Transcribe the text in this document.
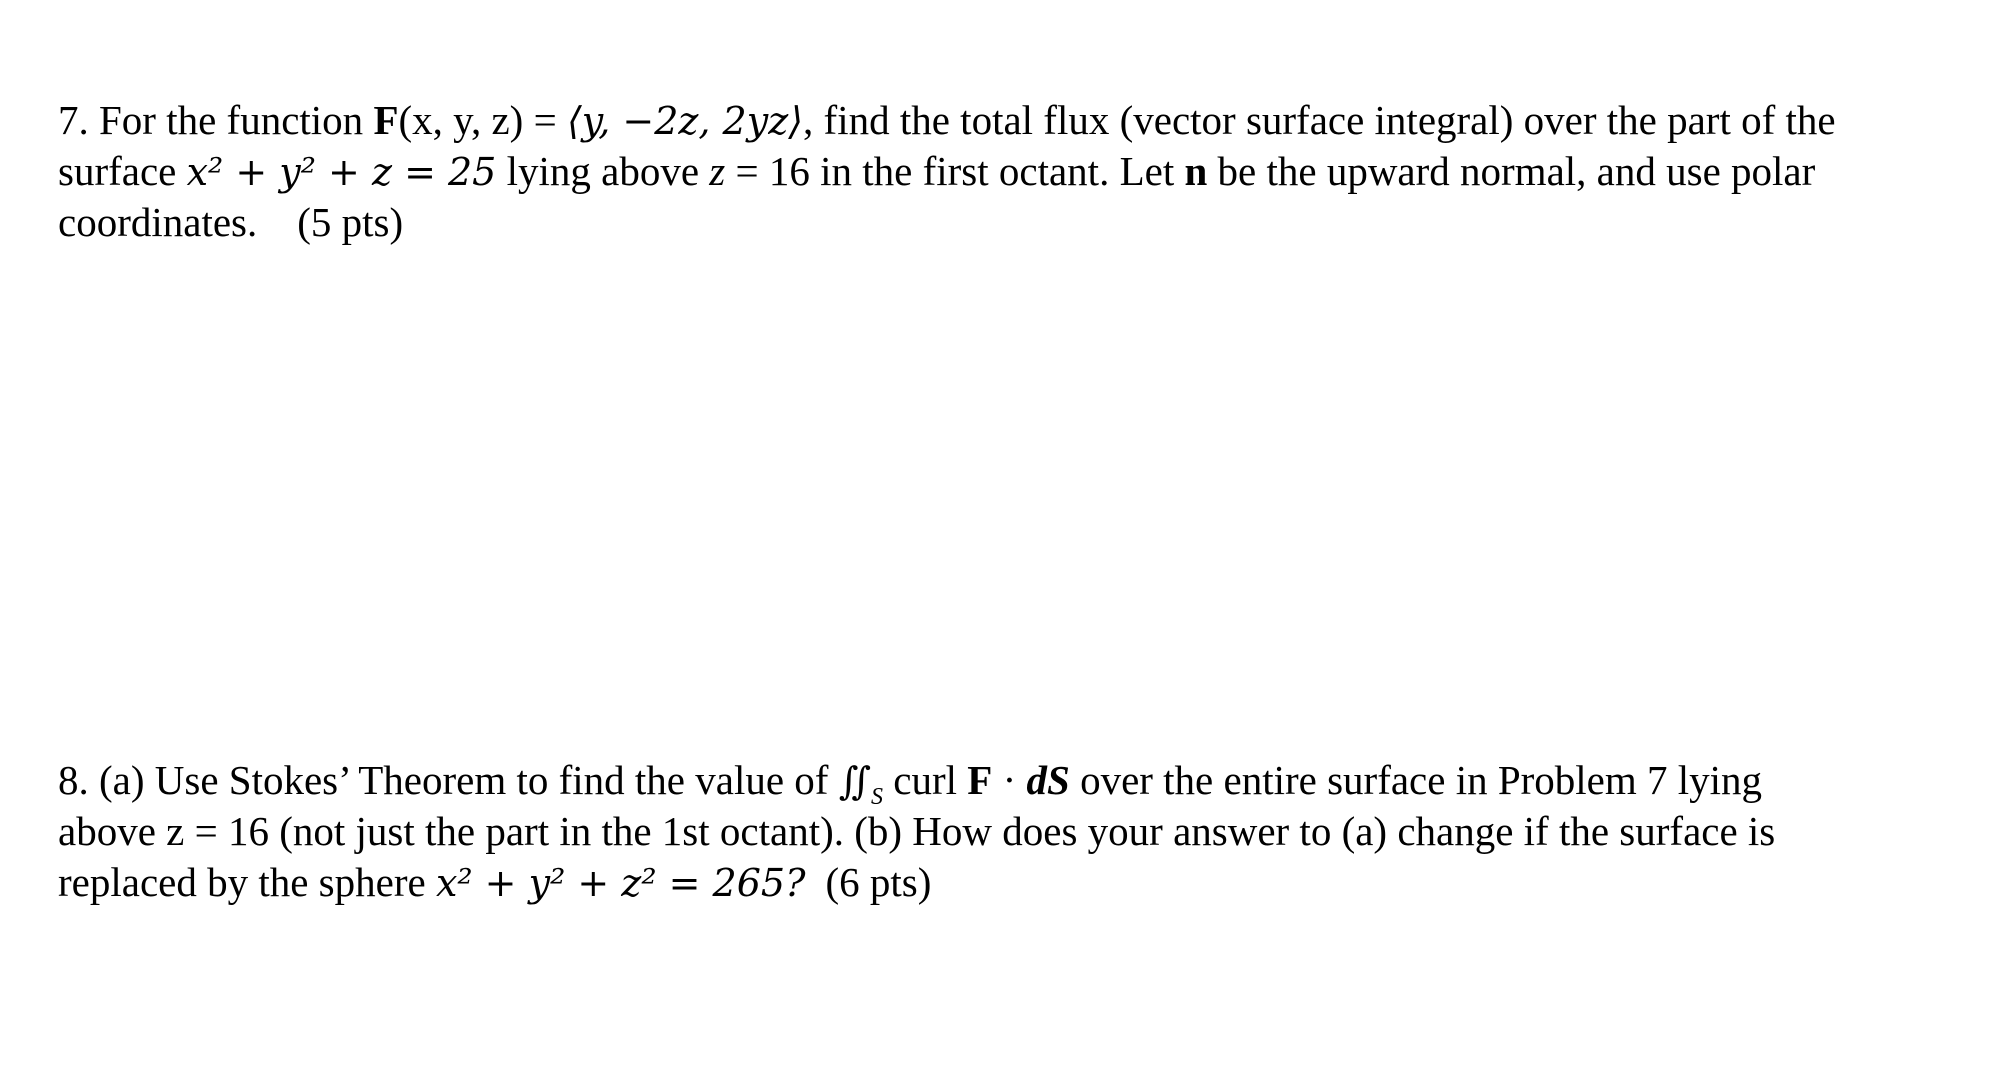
7. For the function F(x, y, z) = ⟨y, −2z, 2yz⟩, find the total flux (vector surface integral) over the part of the
surface x² + y² + z = 25 lying above z = 16 in the first octant. Let n be the upward normal, and use polar
coordinates. (5 pts)
8. (a) Use Stokes’ Theorem to find the value of $∬_S$ curl F · dS over the entire surface in Problem 7 lying
above z = 16 (not just the part in the 1st octant). (b) How does your answer to (a) change if the surface is
replaced by the sphere x² + y² + z² = 265? (6 pts)
